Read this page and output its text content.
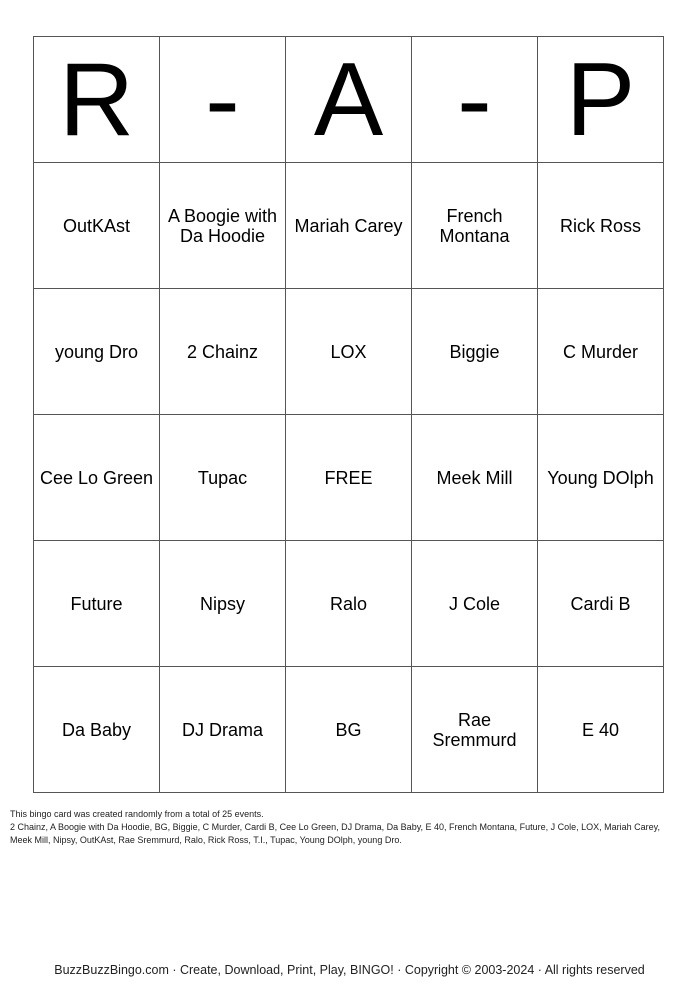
R	-	A	-	P
OutKAst	A Boogie with Da Hoodie	Mariah Carey	French Montana	Rick Ross
young Dro	2 Chainz	LOX	Biggie	C Murder
Cee Lo Green	Tupac	FREE	Meek Mill	Young DOlph
Future	Nipsy	Ralo	J Cole	Cardi B
Da Baby	DJ Drama	BG	Rae Sremmurd	E 40
This bingo card was created randomly from a total of 25 events.
2 Chainz, A Boogie with Da Hoodie, BG, Biggie, C Murder, Cardi B, Cee Lo Green, DJ Drama, Da Baby, E 40, French Montana, Future, J Cole, LOX, Mariah Carey, Meek Mill, Nipsy, OutKAst, Rae Sremmurd, Ralo, Rick Ross, T.I., Tupac, Young DOlph, young Dro.
BuzzBuzzBingo.com · Create, Download, Print, Play, BINGO! · Copyright © 2003-2024 · All rights reserved
